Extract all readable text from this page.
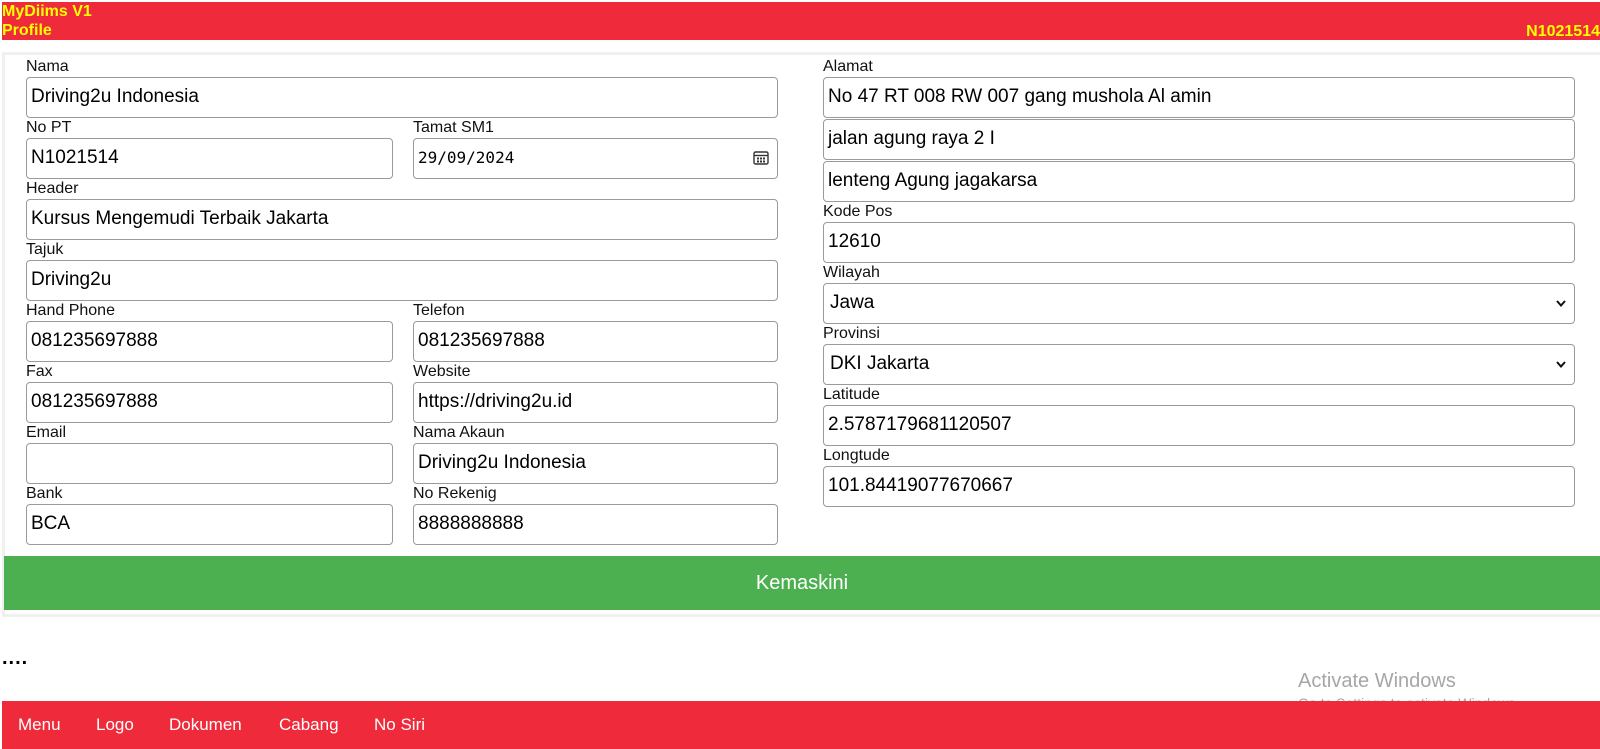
MyDiims V1
Profile	N1021514
Nama
Driving2u Indonesia
No PT
N1021514
Tamat SM1
29/09/2024
Header
Kursus Mengemudi Terbaik Jakarta
Tajuk
Driving2u
Hand Phone
081235697888
Telefon
081235697888
Fax
081235697888
Website
https://driving2u.id
Email	Nama Akaun
Driving2u Indonesia
Bank
BCA
No Rekenig
8888888888
Alamat
No 47 RT 008 RW 007 gang mushola Al amin
jalan agung raya 2 I
lenteng Agung jagakarsa
Kode Pos
12610
Wilayah
Jawa
Provinsi
DKI Jakarta
Latitude
2.5787179681120507
Longtude
101.84419077670667
Kemaskini
....
Activate Windows
Menu Logo Dokumen Cabang No Siri
